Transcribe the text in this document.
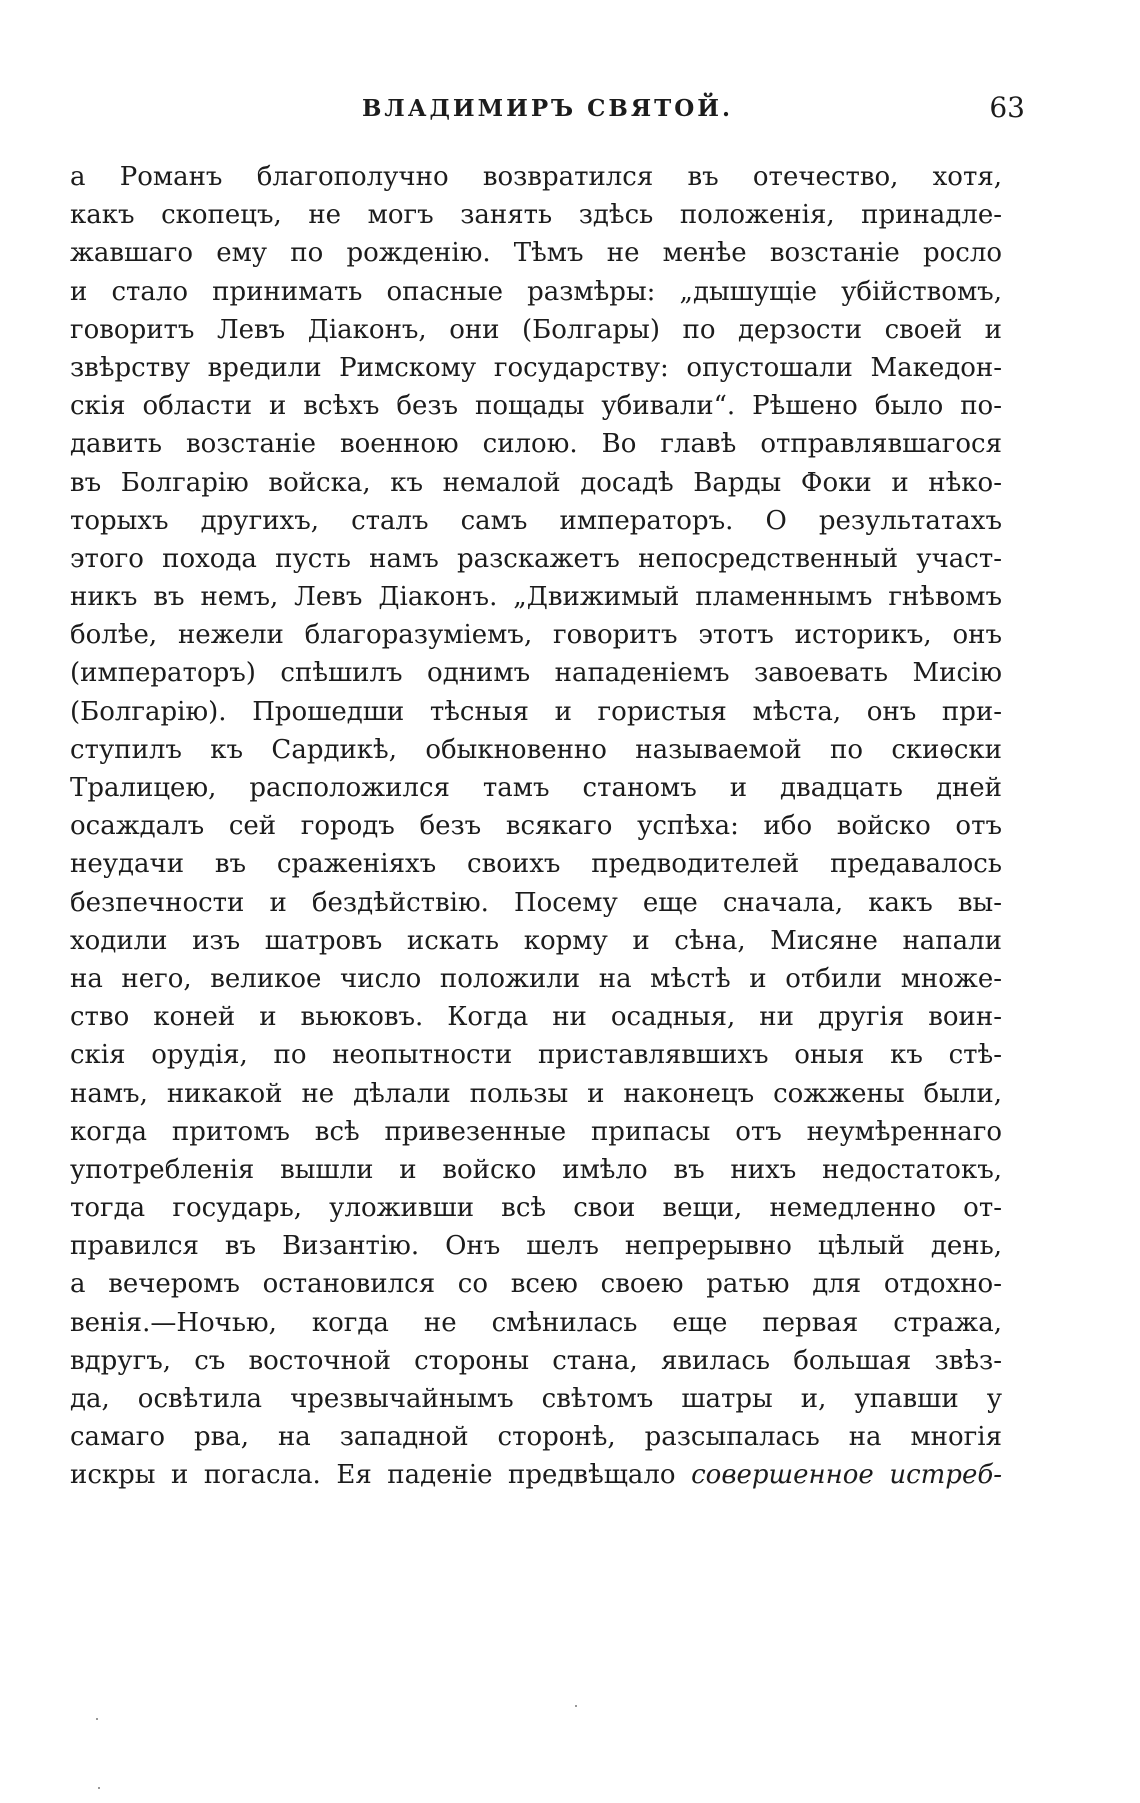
ВЛАДИМИРЪ СВЯТОЙ.	63
а Романъ благополучно возвратился въ отечество, хотя,
какъ скопецъ, не могъ занять здѣсь положенія, принадле-
жавшаго ему по рожденію. Тѣмъ не менѣе возстаніе росло
и стало принимать опасные размѣры: „дышущіе убійствомъ,
говоритъ Левъ Діаконъ, они (Болгары) по дерзости своей и
звѣрству вредили Римскому государству: опустошали Македон-
скія области и всѣхъ безъ пощады убивали“. Рѣшено было по-
давить возстаніе военною силою. Во главѣ отправлявшагося
въ Болгарію войска, къ немалой досадѣ Варды Фоки и нѣко-
торыхъ другихъ, сталъ самъ императоръ. О результатахъ
этого похода пусть намъ разскажетъ непосредственный участ-
никъ въ немъ, Левъ Діаконъ. „Движимый пламеннымъ гнѣвомъ
болѣе, нежели благоразуміемъ, говоритъ этотъ историкъ, онъ
(императоръ) спѣшилъ однимъ нападеніемъ завоевать Мисію
(Болгарію). Прошедши тѣсныя и гористыя мѣста, онъ при-
ступилъ къ Сардикѣ, обыкновенно называемой по скиѳски
Тралицею, расположился тамъ станомъ и двадцать дней
осаждалъ сей городъ безъ всякаго успѣха: ибо войско отъ
неудачи въ сраженіяхъ своихъ предводителей предавалось
безпечности и бездѣйствію. Посему еще сначала, какъ вы-
ходили изъ шатровъ искать корму и сѣна, Мисяне напали
на него, великое число положили на мѣстѣ и отбили множе-
ство коней и вьюковъ. Когда ни осадныя, ни другія воин-
скія орудія, по неопытности приставлявшихъ оныя къ стѣ-
намъ, никакой не дѣлали пользы и наконецъ сожжены были,
когда притомъ всѣ привезенные припасы отъ неумѣреннаго
употребленія вышли и войско имѣло въ нихъ недостатокъ,
тогда государь, уложивши всѣ свои вещи, немедленно от-
правился въ Византію. Онъ шелъ непрерывно цѣлый день,
а вечеромъ остановился со всею своею ратью для отдохно-
венія.—Ночью, когда не смѣнилась еще первая стража,
вдругъ, съ восточной стороны стана, явилась большая звѣз-
да, освѣтила чрезвычайнымъ свѣтомъ шатры и, упавши у
самаго рва, на западной сторонѣ, разсыпалась на многія
искры и погасла. Ея паденіе предвѣщало совершенное истреб-
